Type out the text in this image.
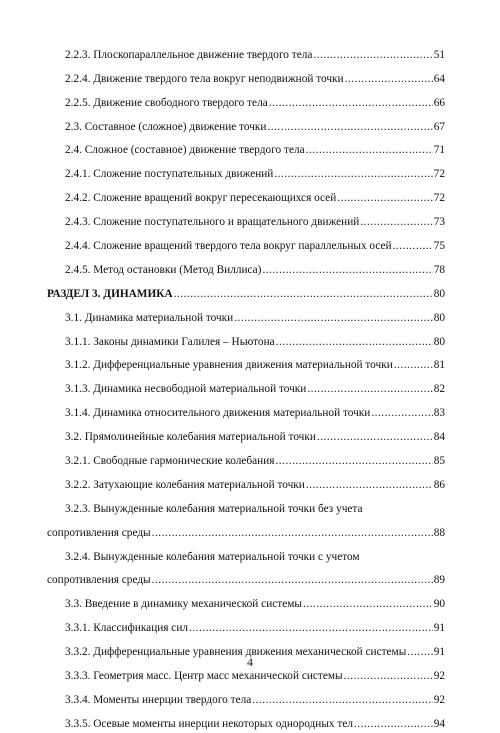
2.2.3. Плоскопараллельное движение твердого тела .....	51
2.2.4. Движение твердого тела вокруг неподвижной точки .....	64
2.2.5. Движение свободного твердого тела .....	66
2.3. Составное (сложное) движение точки .....	67
2.4. Сложное (составное) движение твердого тела .....	71
2.4.1. Сложение поступательных движений .....	72
2.4.2. Сложение вращений вокруг пересекающихся осей .....	72
2.4.3. Сложение поступательного и вращательного движений .....	73
2.4.4. Сложение вращений твердого тела вокруг параллельных осей .....	75
2.4.5. Метод остановки (Метод Виллиса) .....	78
РАЗДЕЛ 3. ДИНАМИКА .....	80
3.1. Динамика материальной точки .....	80
3.1.1. Законы динамики Галилея – Ньютона .....	80
3.1.2. Дифференциальные уравнения движения материальной точки .....	81
3.1.3. Динамика несвободной материальной точки .....	82
3.1.4. Динамика относительного движения материальной точки .....	83
3.2. Прямолинейные колебания материальной точки .....	84
3.2.1. Свободные гармонические колебания .....	85
3.2.2. Затухающие колебания материальной точки .....	86
3.2.3. Вынужденные колебания материальной точки без учета
сопротивления среды .....	88
3.2.4. Вынужденные колебания материальной точки с учетом
сопротивления среды .....	89
3.3. Введение в динамику механической системы .....	90
3.3.1. Классификация сил .....	91
3.3.2. Дифференциальные уравнения движения механической системы ..... 91
3.3.3. Геометрия масс. Центр масс механической системы .....	92
3.3.4. Моменты инерции твердого тела .....	92
3.3.5. Осевые моменты инерции некоторых однородных тел .....	94
4
